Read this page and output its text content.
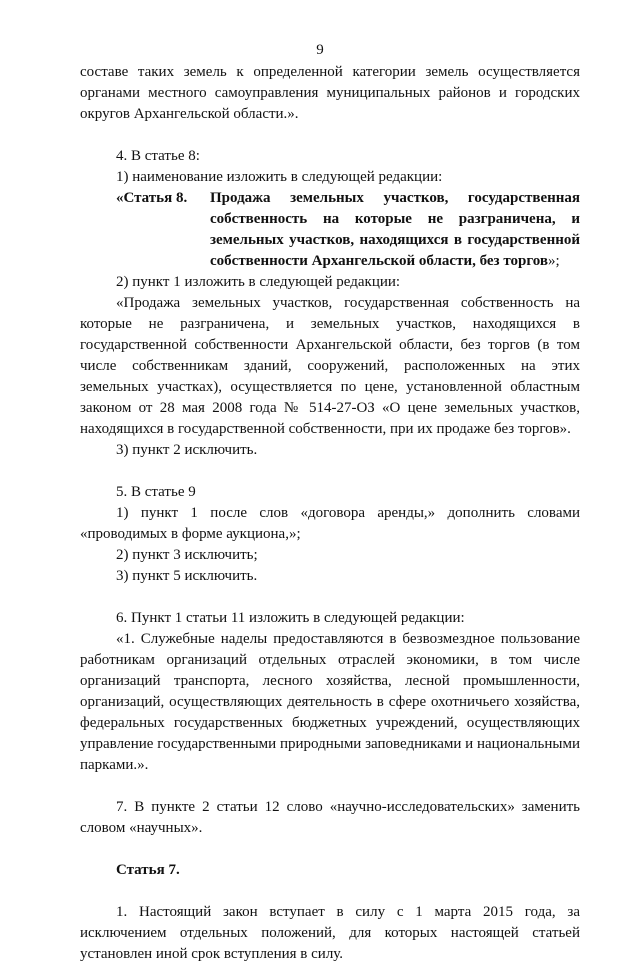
9

составе таких земель к определенной категории земель осуществляется органами местного самоуправления муниципальных районов и городских округов Архангельской области.».

4. В статье 8:

1) наименование изложить в следующей редакции:

«Статья 8.	Продажа земельных участков, государственная собственность на которые не разграничена, и земельных участков, находящихся в государственной собственности Архангельской области, без торгов»;

2) пункт 1 изложить в следующей редакции:

«Продажа земельных участков, государственная собственность на которые не разграничена, и земельных участков, находящихся в государственной собственности Архангельской области, без торгов (в том числе собственникам зданий, сооружений, расположенных на этих земельных участках), осуществляется по цене, установленной областным законом от 28 мая 2008 года № 514-27-ОЗ «О цене земельных участков, находящихся в государственной собственности, при их продаже без торгов».

3) пункт 2 исключить.

5. В статье 9

1) пункт 1 после слов «договора аренды,» дополнить словами «проводимых в форме аукциона,»;

2) пункт 3 исключить;

3) пункт 5 исключить.

6. Пункт 1 статьи 11 изложить в следующей редакции:

«1. Служебные наделы предоставляются в безвозмездное пользование работникам организаций отдельных отраслей экономики, в том числе организаций транспорта, лесного хозяйства, лесной промышленности, организаций, осуществляющих деятельность в сфере охотничьего хозяйства, федеральных государственных бюджетных учреждений, осуществляющих управление государственными природными заповедниками и национальными парками.».

7. В пункте 2 статьи 12 слово «научно-исследовательских» заменить словом «научных».

Статья 7.

1. Настоящий закон вступает в силу с 1 марта 2015 года, за исключением отдельных положений, для которых настоящей статьей установлен иной срок вступления в силу.
